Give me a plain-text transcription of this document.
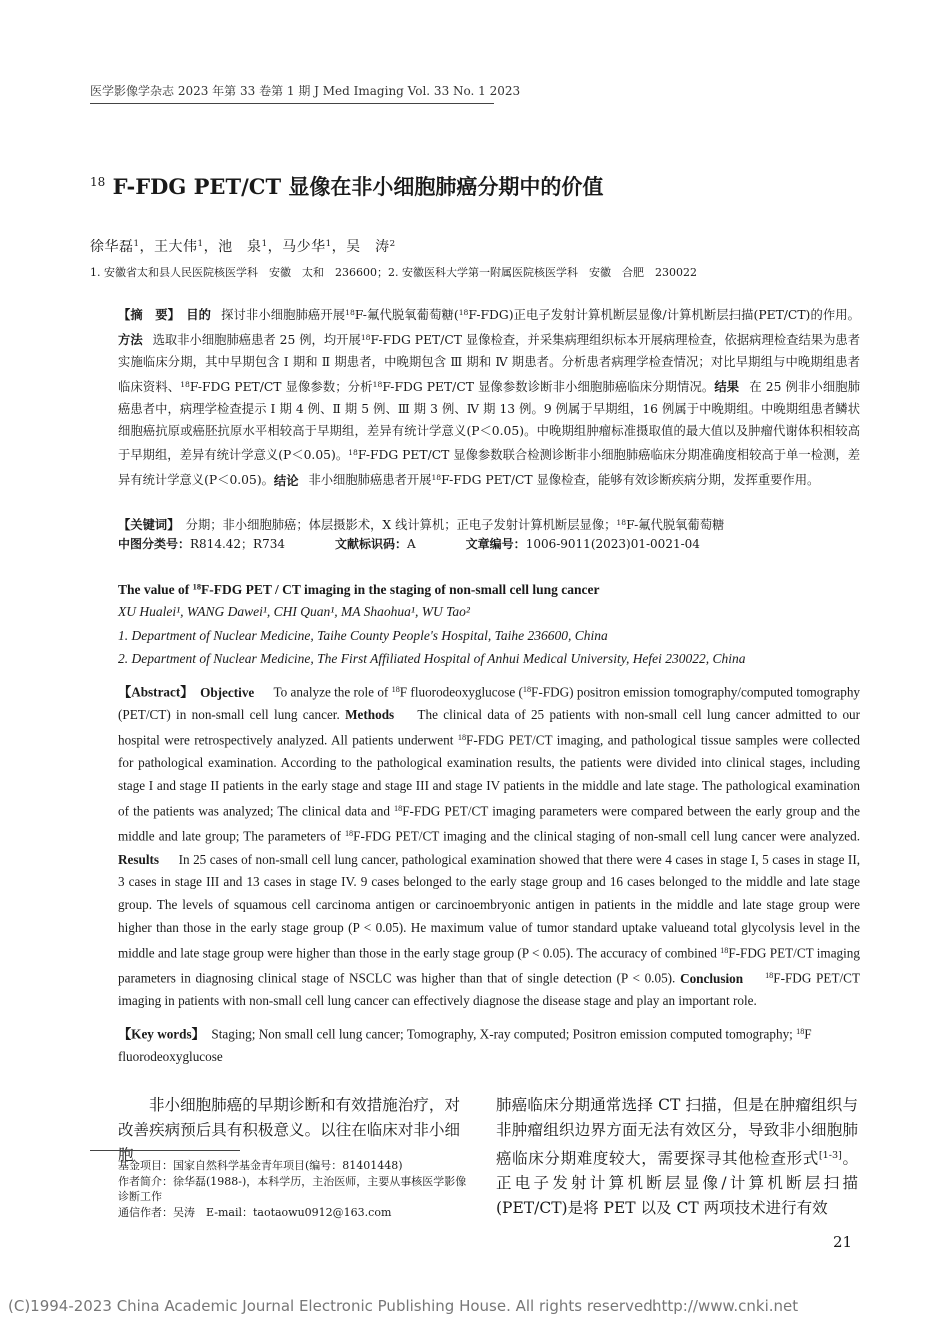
医学影像学杂志 2023 年第 33 卷第 1 期 J Med Imaging Vol. 33 No. 1 2023
$^{18}$ F-FDG PET/CT 显像在非小细胞肺癌分期中的价值
徐华磊$^1$，王大伟$^1$，池　泉$^1$，马少华$^1$，吴　涛$^2$
1. 安徽省太和县人民医院核医学科　安徽　太和　236600；2. 安徽医科大学第一附属医院核医学科　安徽　合肥　230022
【摘　要】　 目的 探讨非小细胞肺癌开展$^{18}$F-氟代脱氧葡萄糖($^{18}$F-FDG)正电子发射计算机断层显像/计算机断层扫描(PET/CT)的作用。方法 选取非小细胞肺癌患者 25 例，均开展$^{18}$F-FDG PET/CT 显像检查，并采集病理组织标本开展病理检查，依据病理检查结果为患者实施临床分期，其中早期包含 Ⅰ 期和 Ⅱ 期患者，中晚期包含 Ⅲ 期和 Ⅳ 期患者。分析患者病理学检查情况；对比早期组与中晚期组患者临床资料、$^{18}$F-FDG PET/CT 显像参数；分析$^{18}$F-FDG PET/CT 显像参数诊断非小细胞肺癌临床分期情况。结果 在 25 例非小细胞肺癌患者中，病理学检查提示 Ⅰ 期 4 例、Ⅱ 期 5 例、Ⅲ 期 3 例、Ⅳ 期 13 例。9 例属于早期组，16 例属于中晚期组。中晚期组患者鳞状细胞癌抗原或癌胚抗原水平相较高于早期组，差异有统计学意义(P＜0.05)。中晚期组肿瘤标准摄取值的最大值以及肿瘤代谢体积相较高于早期组，差异有统计学意义(P＜0.05)。$^{18}$F-FDG PET/CT 显像参数联合检测诊断非小细胞肺癌临床分期准确度相较高于单一检测，差异有统计学意义(P＜0.05)。结论 非小细胞肺癌患者开展$^{18}$F-FDG PET/CT 显像检查，能够有效诊断疾病分期，发挥重要作用。
【关键词】　 分期；非小细胞肺癌；体层摄影术，X 线计算机；正电子发射计算机断层显像；$^{18}$F-氟代脱氧葡萄糖
中图分类号：R814.42；R734	文献标识码：A	文章编号：1006-9011(2023)01-0021-04
The value of $^{18}$F-FDG PET / CT imaging in the staging of non-small cell lung cancer
XU Hualei¹, WANG Dawei¹, CHI Quan¹, MA Shaohua¹, WU Tao²
1. Department of Nuclear Medicine, Taihe County People's Hospital, Taihe 236600, China
2. Department of Nuclear Medicine, The First Affiliated Hospital of Anhui Medical University, Hefei 230022, China
【Abstract】　 Objective　 To analyze the role of $^{18}$F fluorodeoxyglucose ($^{18}$F-FDG) positron emission tomography/computed tomography (PET/CT) in non-small cell lung cancer. Methods　 The clinical data of 25 patients with non-small cell lung cancer admitted to our hospital were retrospectively analyzed. All patients underwent $^{18}$F-FDG PET/CT imaging, and pathological tissue samples were collected for pathological examination. According to the pathological examination results, the patients were divided into clinical stages, including stage I and stage II patients in the early stage and stage III and stage IV patients in the middle and late stage. The pathological examination of the patients was analyzed; The clinical data and $^{18}$F-FDG PET/CT imaging parameters were compared between the early group and the middle and late group; The parameters of $^{18}$F-FDG PET/CT imaging and the clinical staging of non-small cell lung cancer were analyzed. Results　 In 25 cases of non-small cell lung cancer, pathological examination showed that there were 4 cases in stage I, 5 cases in stage II, 3 cases in stage III and 13 cases in stage IV. 9 cases belonged to the early stage group and 16 cases belonged to the middle and late stage group. The levels of squamous cell carcinoma antigen or carcinoembryonic antigen in patients in the middle and late stage group were higher than those in the early stage group (P < 0.05). He maximum value of tumor standard uptake valueand total glycolysis level in the middle and late stage group were higher than those in the early stage group (P < 0.05). The accuracy of combined $^{18}$F-FDG PET/CT imaging parameters in diagnosing clinical stage of NSCLC was higher than that of single detection (P < 0.05). Conclusion　	$^{18}$F-FDG PET/CT imaging in patients with non-small cell lung cancer can effectively diagnose the disease stage and play an important role.
【Key words】　 Staging; Non small cell lung cancer; Tomography, X-ray computed; Positron emission computed tomography; $^{18}$F fluorodeoxyglucose
非小细胞肺癌的早期诊断和有效措施治疗，对改善疾病预后具有积极意义。以往在临床对非小细胞
肺癌临床分期通常选择 CT 扫描，但是在肿瘤组织与非肿瘤组织边界方面无法有效区分，导致非小细胞肺癌临床分期难度较大，需要探寻其他检查形式[1-3]。正电子发射计算机断层显像/计算机断层扫描(PET/CT)是将 PET 以及 CT 两项技术进行有效
基金项目：国家自然科学基金青年项目(编号：81401448)
作者简介：徐华磊(1988-)，本科学历，主治医师，主要从事核医学影像诊断工作
通信作者：吴涛　E-mail：taotaowu0912@163.com
21
(C)1994-2023 China Academic Journal Electronic Publishing House. All rights reserved.
http://www.cnki.net
